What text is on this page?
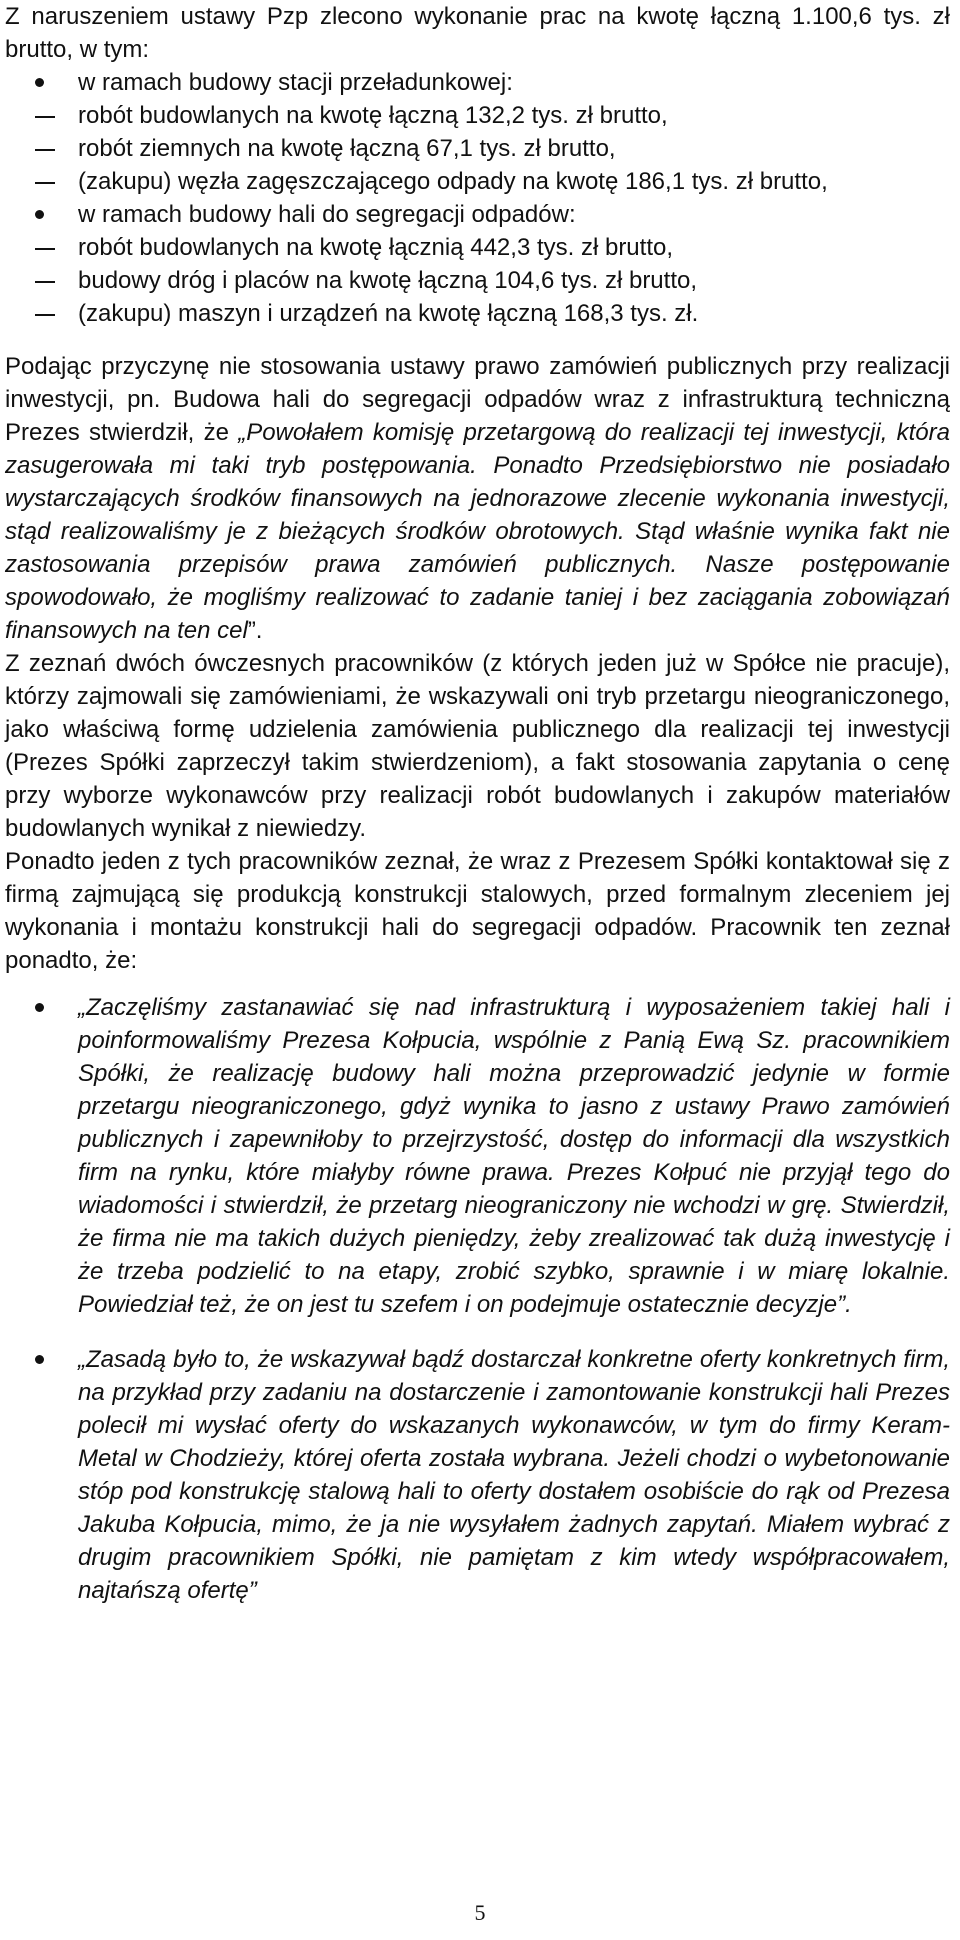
Z naruszeniem ustawy Pzp zlecono wykonanie prac na kwotę łączną 1.100,6 tys. zł brutto, w tym:

w ramach budowy stacji przeładunkowej:
robót budowlanych na kwotę łączną 132,2 tys. zł brutto,
robót ziemnych na kwotę łączną 67,1 tys. zł brutto,
(zakupu) węzła zagęszczającego odpady na kwotę 186,1 tys. zł brutto,
w ramach budowy hali do segregacji odpadów:
robót budowlanych na kwotę łącznią 442,3 tys. zł brutto,
budowy dróg i placów na kwotę łączną 104,6 tys. zł brutto,
(zakupu) maszyn i urządzeń na kwotę łączną 168,3 tys. zł.

Podając przyczynę nie stosowania ustawy prawo zamówień publicznych przy realizacji inwestycji, pn. Budowa hali do segregacji odpadów wraz z infrastrukturą techniczną Prezes stwierdził, że „Powołałem komisję przetargową do realizacji tej inwestycji, która zasugerowała mi taki tryb postępowania. Ponadto Przedsiębiorstwo nie posiadało wystarczających środków finansowych na jednorazowe zlecenie wykonania inwestycji, stąd realizowaliśmy je z bieżących środków obrotowych. Stąd właśnie wynika fakt nie zastosowania przepisów prawa zamówień publicznych. Nasze postępowanie spowodowało, że mogliśmy realizować to zadanie taniej i bez zaciągania zobowiązań finansowych na ten cel”.

Z zeznań dwóch ówczesnych pracowników (z których jeden już w Spółce nie pracuje), którzy zajmowali się zamówieniami, że wskazywali oni tryb przetargu nieograniczonego, jako właściwą formę udzielenia zamówienia publicznego dla realizacji tej inwestycji (Prezes Spółki zaprzeczył takim stwierdzeniom), a fakt stosowania zapytania o cenę przy wyborze wykonawców przy realizacji robót budowlanych i zakupów materiałów budowlanych wynikał z niewiedzy.

Ponadto jeden z tych pracowników zeznał, że wraz z Prezesem Spółki kontaktował się z firmą zajmującą się produkcją konstrukcji stalowych, przed formalnym zleceniem jej wykonania i montażu konstrukcji hali do segregacji odpadów. Pracownik ten zeznał ponadto, że:

„Zaczęliśmy zastanawiać się nad infrastrukturą i wyposażeniem takiej hali i poinformowaliśmy Prezesa Kołpucia, wspólnie z Panią Ewą Sz. pracownikiem Spółki, że realizację budowy hali można przeprowadzić jedynie w formie przetargu nieograniczonego, gdyż wynika to jasno z ustawy Prawo zamówień publicznych i zapewniłoby to przejrzystość, dostęp do informacji dla wszystkich firm na rynku, które miałyby równe prawa. Prezes Kołpuć nie przyjął tego do wiadomości i stwierdził, że przetarg nieograniczony nie wchodzi w grę. Stwierdził, że firma nie ma takich dużych pieniędzy, żeby zrealizować tak dużą inwestycję i że trzeba podzielić to na etapy, zrobić szybko, sprawnie i w miarę lokalnie. Powiedział też, że on jest tu szefem i on podejmuje ostatecznie decyzje”.
„Zasadą było to, że wskazywał bądź dostarczał konkretne oferty konkretnych firm, na przykład przy zadaniu na dostarczenie i zamontowanie konstrukcji hali Prezes polecił mi wysłać oferty do wskazanych wykonawców, w tym do firmy Keram-Metal w Chodzieży, której oferta została wybrana. Jeżeli chodzi o wybetonowanie stóp pod konstrukcję stalową hali to oferty dostałem osobiście do rąk od Prezesa Jakuba Kołpucia, mimo, że ja nie wysyłałem żadnych zapytań. Miałem wybrać z drugim pracownikiem Spółki, nie pamiętam z kim wtedy współpracowałem, najtańszą ofertę”
5
